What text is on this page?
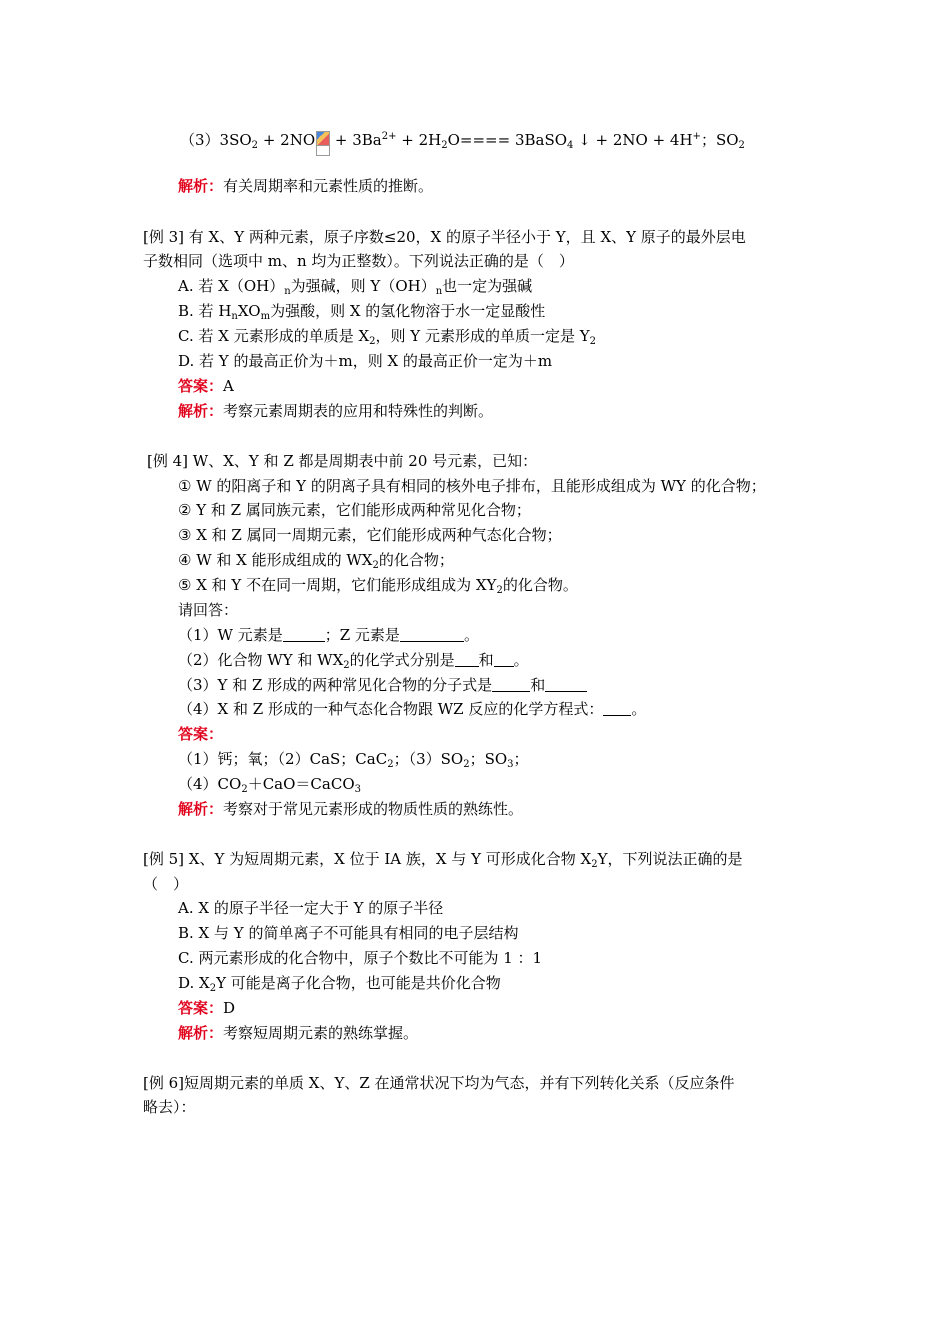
$(3)3SO_2 + 2NO$
+ $3Ba^{2+} + 2H_2O====$ 3BaSO$_4$ ↓ + 2NO + 4H+；$SO_2$
解析：有关周期率和元素性质的推断。
[例 3] 有 X、Y 两种元素，原子序数≤20，X 的原子半径小于 Y，且 X、Y 原子的最外层电
子数相同（选项中 m、n 均为正整数）。下列说法正确的是（　）
A. 若 $X(OH)_n$为强碱，则 $Y(OH)_n$也一定为强碱
B. 若 $H_nXO_m$为强酸，则 X 的氢化物溶于水一定显酸性
C. 若 X 元素形成的单质是 $X_2$，则 Y 元素形成的单质一定是 $Y_2$
D. 若 Y 的最高正价为＋m，则 X 的最高正价一定为＋m
答案：A
解析：考察元素周期表的应用和特殊性的判断。
[例 4] W、X、Y 和 Z 都是周期表中前 20 号元素，已知：
① W 的阳离子和 Y 的阴离子具有相同的核外电子排布，且能形成组成为 WY 的化合物；
② Y 和 Z 属同族元素，它们能形成两种常见化合物；
③ X 和 Z 属同一周期元素，它们能形成两种气态化合物；
④ W 和 X 能形成组成的 $WX_2$的化合物；
⑤ X 和 Y 不在同一周期，它们能形成组成为 $XY_2$的化合物。
请回答：
（1）W 元素是	；Z 元素是	。
（2）化合物 WY 和 $WX_2$的化学式分别是 和 。
（3）Y 和 Z 形成的两种常见化合物的分子式是	和
（4）X 和 Z 形成的一种气态化合物跟 WZ 反应的化学方程式： 。
答案：
（1）钙；氧；（2）CaS；CaC$_2$；$(3)SO_2$；$SO_3$；
$(4)CO_2+CaO=CaCO_3$
解析：考察对于常见元素形成的物质性质的熟练性。
[例 5] X、Y 为短周期元素，X 位于 IA 族，X 与 Y 可形成化合物 $X_2Y$，下列说法正确的是
（　）
A. X 的原子半径一定大于 Y 的原子半径
B. X 与 Y 的简单离子不可能具有相同的电子层结构
C. 两元素形成的化合物中，原子个数比不可能为 1 ：1
D. $X_2Y$ 可能是离子化合物，也可能是共价化合物
答案：D
解析：考察短周期元素的熟练掌握。
[例 6]短周期元素的单质 X、Y、Z 在通常状况下均为气态，并有下列转化关系（反应条件
略去）：
